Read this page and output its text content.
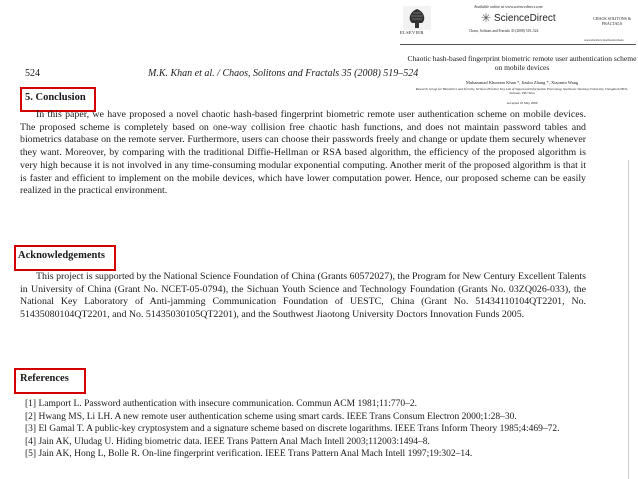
ELSEVIER
Available online at www.sciencedirect.com
✳ ScienceDirect
Chaos, Solitons and Fractals 35 (2008) 519–524
CHAOS SOLITONS & FRACTALS
www.elsevier.com/locate/chaos
Chaotic hash-based fingerprint biometric remote user authentication scheme on mobile devices
Muhammad Khurram Khan *, Jiashu Zhang *, Xiaomin Wang
Research Group for Biometrics and Security, Sichuan Province Key Lab of Signal and Information Processing, Southwest Jiaotong University, Chengdu 610031, Sichuan, PR China
Accepted 22 May 2006
524	M.K. Khan et al. / Chaos, Solitons and Fractals 35 (2008) 519–524
5. Conclusion
In this paper, we have proposed a novel chaotic hash-based fingerprint biometric remote user authentication scheme on mobile devices. The proposed scheme is completely based on one-way collision free chaotic hash functions, and does not maintain password tables and biometrics database on the remote server. Furthermore, users can choose their passwords freely and change or update them securely whenever they want. Moreover, by comparing with the traditional Diffie-Hellman or RSA based algorithm, the efficiency of the proposed algorithm is very high because it is not involved in any time-consuming modular exponential computing. Another merit of the proposed algorithm is that it is faster and efficient to implement on the mobile devices, which have lower computation power. Hence, our proposed scheme can be easily realized in the practical environment.
Acknowledgements
This project is supported by the National Science Foundation of China (Grants 60572027), the Program for New Century Excellent Talents in University of China (Grant No. NCET-05-0794), the Sichuan Youth Science and Technology Foundation (Grants No. 03ZQ026-033), the National Key Laboratory of Anti-jamming Communication Foundation of UESTC, China (Grant No. 51434110104QT2201, No. 51435080104QT2201, and No. 51435030105QT2201), and the Southwest Jiaotong University Doctors Innovation Funds 2005.
References
[1] Lamport L. Password authentication with insecure communication. Commun ACM 1981;11:770–2.
[2] Hwang MS, Li LH. A new remote user authentication scheme using smart cards. IEEE Trans Consum Electron 2000;1:28–30.
[3] El Gamal T. A public-key cryptosystem and a signature scheme based on discrete logarithms. IEEE Trans Inform Theory 1985;4:469–72.
[4] Jain AK, Uludag U. Hiding biometric data. IEEE Trans Pattern Anal Mach Intell 2003;112003:1494–8.
[5] Jain AK, Hong L, Bolle R. On-line fingerprint verification. IEEE Trans Pattern Anal Mach Intell 1997;19:302–14.
